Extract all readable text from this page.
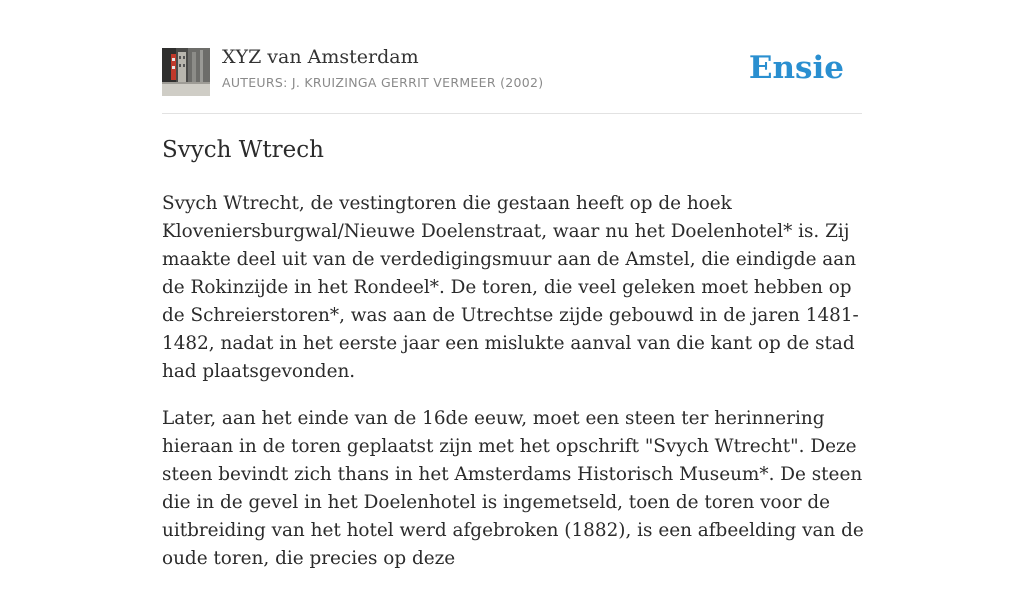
XYZ van Amsterdam
AUTEURS: J. KRUIZINGA GERRIT VERMEER (2002)	Ensie
Svych Wtrech

Svych Wtrecht, de vestingtoren die gestaan heeft op de hoek Kloveniersburgwal/Nieuwe Doelenstraat, waar nu het Doelenhotel* is. Zij maakte deel uit van de verdedigingsmuur aan de Amstel, die eindigde aan de Rokinzijde in het Rondeel*. De toren, die veel geleken moet hebben op de Schreierstoren*, was aan de Utrechtse zijde gebouwd in de jaren 1481-1482, nadat in het eerste jaar een mislukte aanval van die kant op de stad had plaatsgevonden.

Later, aan het einde van de 16de eeuw, moet een steen ter herinnering hieraan in de toren geplaatst zijn met het opschrift "Svych Wtrecht". Deze steen bevindt zich thans in het Amsterdams Historisch Museum*. De steen die in de gevel in het Doelenhotel is ingemetseld, toen de toren voor de uitbreiding van het hotel werd afgebroken (1882), is een afbeelding van de oude toren, die precies op deze
